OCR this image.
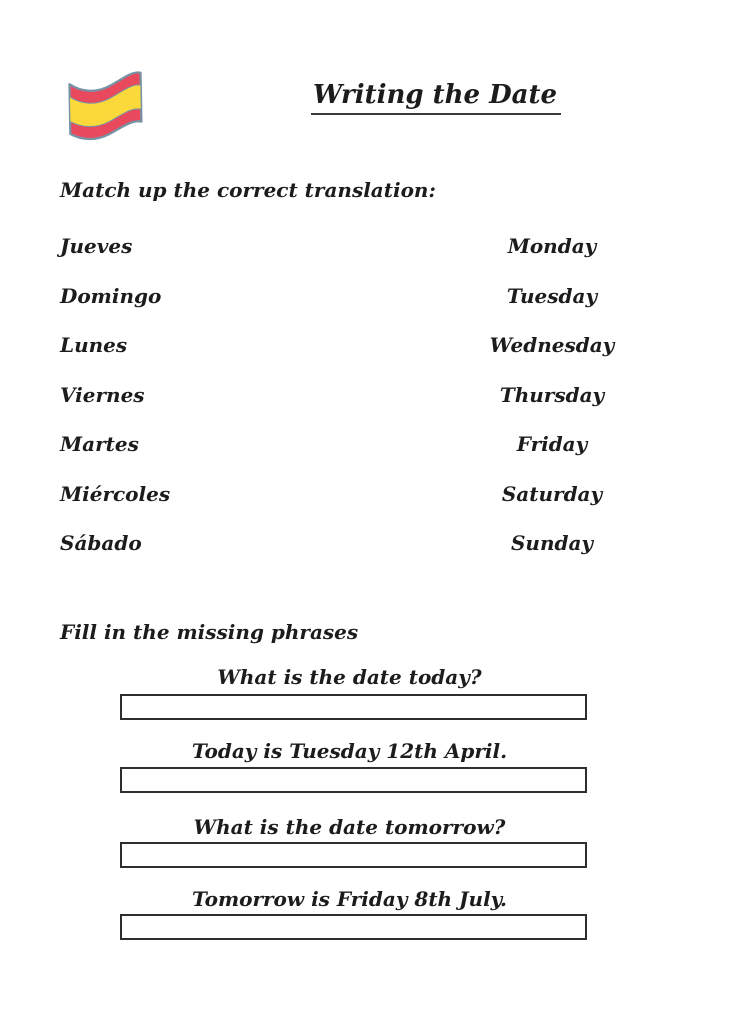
Writing the Date
Match up the correct translation:
Jueves
Domingo
Lunes
Viernes
Martes
Miércoles
Sábado
Monday
Tuesday
Wednesday
Thursday
Friday
Saturday
Sunday
Fill in the missing phrases
What is the date today?
Today is Tuesday 12th April.
What is the date tomorrow?
Tomorrow is Friday 8th July.
